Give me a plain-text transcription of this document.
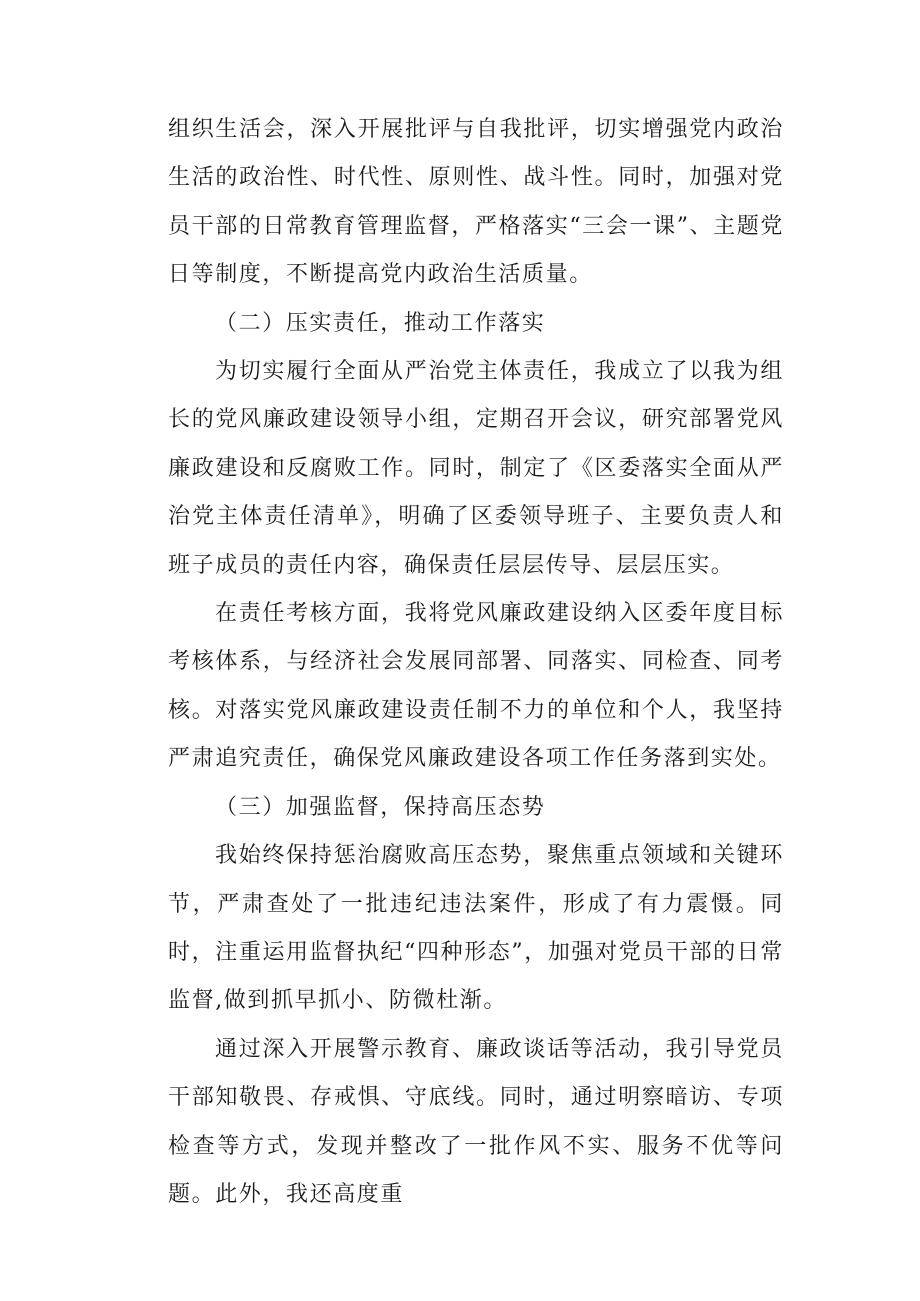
组织生活会，深入开展批评与自我批评，切实增强党内政治生活的政治性、时代性、原则性、战斗性。同时，加强对党员干部的日常教育管理监督，严格落实“三会一课”、主题党日等制度，不断提高党内政治生活质量。

（二）压实责任，推动工作落实

为切实履行全面从严治党主体责任，我成立了以我为组长的党风廉政建设领导小组，定期召开会议，研究部署党风廉政建设和反腐败工作。同时，制定了《区委落实全面从严治党主体责任清单》，明确了区委领导班子、主要负责人和班子成员的责任内容，确保责任层层传导、层层压实。

在责任考核方面，我将党风廉政建设纳入区委年度目标考核体系，与经济社会发展同部署、同落实、同检查、同考核。对落实党风廉政建设责任制不力的单位和个人，我坚持严肃追究责任，确保党风廉政建设各项工作任务落到实处。

（三）加强监督，保持高压态势

我始终保持惩治腐败高压态势，聚焦重点领域和关键环节，严肃查处了一批违纪违法案件，形成了有力震慑。同时，注重运用监督执纪“四种形态”，加强对党员干部的日常监督,做到抓早抓小、防微杜渐。

通过深入开展警示教育、廉政谈话等活动，我引导党员干部知敬畏、存戒惧、守底线。同时，通过明察暗访、专项检查等方式，发现并整改了一批作风不实、服务不优等问题。此外，我还高度重
